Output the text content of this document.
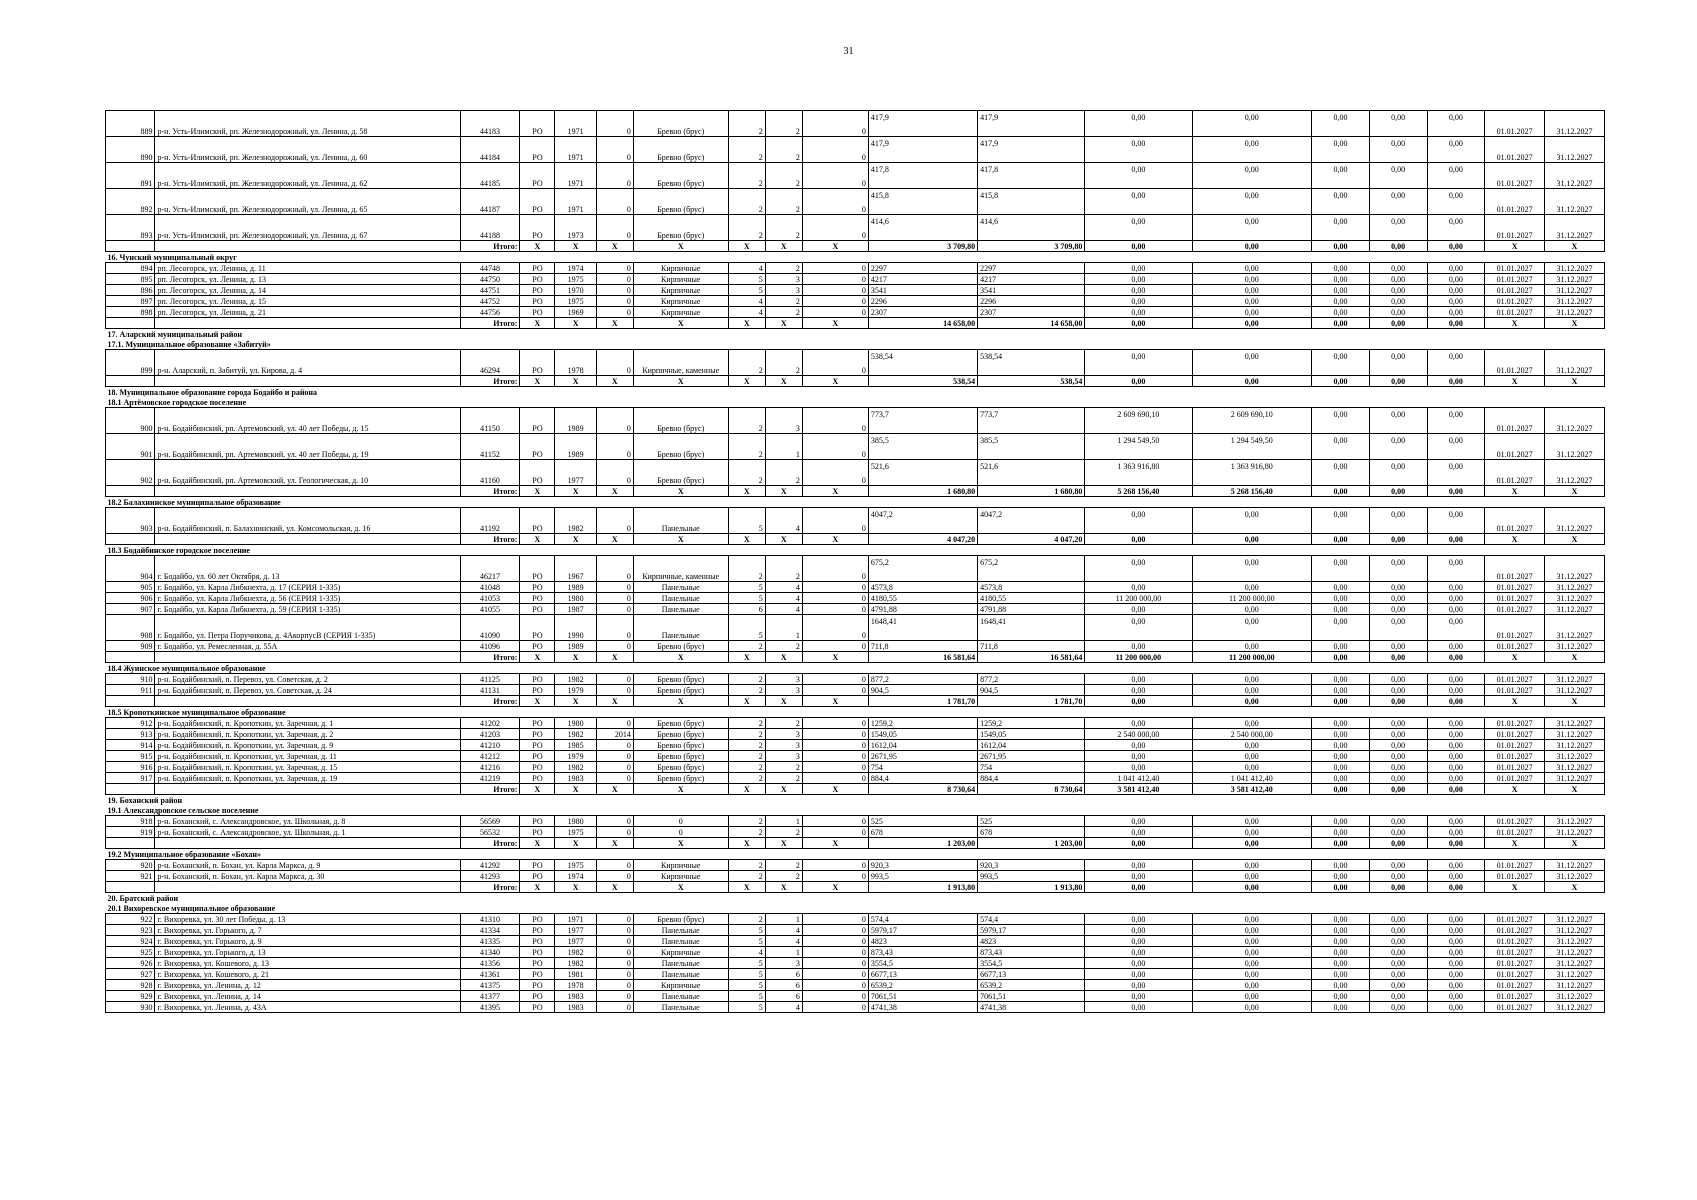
31
889	р-н. Усть-Илимский, рп. Железнодорожный, ул. Ленина, д. 58	44183	РО	1971	0	Бревно (брус)	2	2	0	417,9	417,9	0,00	0,00	0,00	0,00	0,00	01.01.2027	31.12.2027
890	р-н. Усть-Илимский, рп. Железнодорожный, ул. Ленина, д. 60	44184	РО	1971	0	Бревно (брус)	2	2	0	417,9	417,9	0,00	0,00	0,00	0,00	0,00	01.01.2027	31.12.2027
891	р-н. Усть-Илимский, рп. Железнодорожный, ул. Ленина, д. 62	44185	РО	1971	0	Бревно (брус)	2	2	0	417,8	417,8	0,00	0,00	0,00	0,00	0,00	01.01.2027	31.12.2027
892	р-н. Усть-Илимский, рп. Железнодорожный, ул. Ленина, д. 65	44187	РО	1971	0	Бревно (брус)	2	2	0	415,8	415,8	0,00	0,00	0,00	0,00	0,00	01.01.2027	31.12.2027
893	р-н. Усть-Илимский, рп. Железнодорожный, ул. Ленина, д. 67	44188	РО	1973	0	Бревно (брус)	2	2	0	414,6	414,6	0,00	0,00	0,00	0,00	0,00	01.01.2027	31.12.2027
		Итого:	Х	Х	Х	Х	Х	Х	Х	3 709,80	3 709,80	0,00	0,00	0,00	0,00	0,00	Х	Х
16. Чунский муниципальный округ																		
894	рп. Лесогорск, ул. Ленина, д. 11	44748	РО	1974	0	Кирпичные	4	2	0	2297	2297	0,00	0,00	0,00	0,00	0,00	01.01.2027	31.12.2027
895	рп. Лесогорск, ул. Ленина, д. 13	44750	РО	1975	0	Кирпичные	5	3	0	4217	4217	0,00	0,00	0,00	0,00	0,00	01.01.2027	31.12.2027
896	рп. Лесогорск, ул. Ленина, д. 14	44751	РО	1970	0	Кирпичные	5	3	0	3541	3541	0,00	0,00	0,00	0,00	0,00	01.01.2027	31.12.2027
897	рп. Лесогорск, ул. Ленина, д. 15	44752	РО	1975	0	Кирпичные	4	2	0	2296	2296	0,00	0,00	0,00	0,00	0,00	01.01.2027	31.12.2027
898	рп. Лесогорск, ул. Ленина, д. 21	44756	РО	1969	0	Кирпичные	4	2	0	2307	2307	0,00	0,00	0,00	0,00	0,00	01.01.2027	31.12.2027
		Итого:	Х	Х	Х	Х	Х	Х	Х	14 658,00	14 658,00	0,00	0,00	0,00	0,00	0,00	Х	Х
17. Аларский муниципальный район																		
17.1. Муниципальное образование «Забитуй»																		
899	р-н. Аларский, п. Забитуй, ул. Кирова, д. 4	46294	РО	1978	0	Кирпичные, каменные	2	2	0	538,54	538,54	0,00	0,00	0,00	0,00	0,00	01.01.2027	31.12.2027
		Итого:	Х	Х	Х	Х	Х	Х	Х	538,54	538,54	0,00	0,00	0,00	0,00	0,00	Х	Х
18. Муниципальное образование города Бодайбо и района																		
18.1 Артёмовское городское поселение																		
900	р-н. Бодайбинский, рп. Артемовский, ул. 40 лет Победы, д. 15	41150	РО	1989	0	Бревно (брус)	2	3	0	773,7	773,7	2 609 690,10	2 609 690,10	0,00	0,00	0,00	01.01.2027	31.12.2027
901	р-н. Бодайбинский, рп. Артемовский, ул. 40 лет Победы, д. 19	41152	РО	1989	0	Бревно (брус)	2	1	0	385,5	385,5	1 294 549,50	1 294 549,50	0,00	0,00	0,00	01.01.2027	31.12.2027
902	р-н. Бодайбинский, рп. Артемовский, ул. Геологическая, д. 10	41160	РО	1977	0	Бревно (брус)	2	2	0	521,6	521,6	1 363 916,80	1 363 916,80	0,00	0,00	0,00	01.01.2027	31.12.2027
		Итого:	Х	Х	Х	Х	Х	Х	Х	1 680,80	1 680,80	5 268 156,40	5 268 156,40	0,00	0,00	0,00	Х	Х
18.2 Балахнинское муниципальное образование																		
903	р-н. Бодайбинский, п. Балахнинский, ул. Комсомольская, д. 16	41192	РО	1982	0	Панельные	5	4	0	4047,2	4047,2	0,00	0,00	0,00	0,00	0,00	01.01.2027	31.12.2027
		Итого:	Х	Х	Х	Х	Х	Х	Х	4 047,20	4 047,20	0,00	0,00	0,00	0,00	0,00	Х	Х
18.3 Бодайбинское городское поселение																		
904	г. Бодайбо, ул. 60 лет Октября, д. 13	46217	РО	1967	0	Кирпичные, каменные	2	2	0	675,2	675,2	0,00	0,00	0,00	0,00	0,00	01.01.2027	31.12.2027
905	г. Бодайбо, ул. Карла Либкнехта, д. 17 (СЕРИЯ 1-335)	41048	РО	1989	0	Панельные	5	4	0	4573,8	4573,8	0,00	0,00	0,00	0,00	0,00	01.01.2027	31.12.2027
906	г. Бодайбо, ул. Карла Либкнехта, д. 56 (СЕРИЯ 1-335)	41053	РО	1980	0	Панельные	5	4	0	4180,55	4180,55	11 200 000,00	11 200 000,00	0,00	0,00	0,00	01.01.2027	31.12.2027
907	г. Бодайбо, ул. Карла Либкнехта, д. 59 (СЕРИЯ 1-335)	41055	РО	1987	0	Панельные	6	4	0	4791,88	4791,88	0,00	0,00	0,00	0,00	0,00	01.01.2027	31.12.2027
908	г. Бодайбо, ул. Петра Поручикова, д. 4АкорпусВ (СЕРИЯ 1-335)	41090	РО	1990	0	Панельные	5	1	0	1648,41	1648,41	0,00	0,00	0,00	0,00	0,00	01.01.2027	31.12.2027
909	г. Бодайбо, ул. Ремесленная, д. 55А	41096	РО	1989	0	Бревно (брус)	2	2	0	711,8	711,8	0,00	0,00	0,00	0,00	0,00	01.01.2027	31.12.2027
		Итого:	Х	Х	Х	Х	Х	Х	Х	16 581,64	16 581,64	11 200 000,00	11 200 000,00	0,00	0,00	0,00	Х	Х
18.4 Жуинское муниципальное образование																		
910	р-н. Бодайбинский, п. Перевоз, ул. Советская, д. 2	41125	РО	1982	0	Бревно (брус)	2	3	0	877,2	877,2	0,00	0,00	0,00	0,00	0,00	01.01.2027	31.12.2027
911	р-н. Бодайбинский, п. Перевоз, ул. Советская, д. 24	41131	РО	1979	0	Бревно (брус)	2	3	0	904,5	904,5	0,00	0,00	0,00	0,00	0,00	01.01.2027	31.12.2027
		Итого:	Х	Х	Х	Х	Х	Х	Х	1 781,70	1 781,70	0,00	0,00	0,00	0,00	0,00	Х	Х
18.5 Кропоткинское муниципальное образование																		
912	р-н. Бодайбинский, п. Кропоткин, ул. Заречная, д. 1	41202	РО	1980	0	Бревно (брус)	2	2	0	1259,2	1259,2	0,00	0,00	0,00	0,00	0,00	01.01.2027	31.12.2027
913	р-н. Бодайбинский, п. Кропоткин, ул. Заречная, д. 2	41203	РО	1982	2014	Бревно (брус)	2	3	0	1549,05	1549,05	2 540 000,00	2 540 000,00	0,00	0,00	0,00	01.01.2027	31.12.2027
914	р-н. Бодайбинский, п. Кропоткин, ул. Заречная, д. 9	41210	РО	1985	0	Бревно (брус)	2	3	0	1612,04	1612,04	0,00	0,00	0,00	0,00	0,00	01.01.2027	31.12.2027
915	р-н. Бодайбинский, п. Кропоткин, ул. Заречная, д. 11	41212	РО	1979	0	Бревно (брус)	2	3	0	2671,95	2671,95	0,00	0,00	0,00	0,00	0,00	01.01.2027	31.12.2027
916	р-н. Бодайбинский, п. Кропоткин, ул. Заречная, д. 15	41216	РО	1982	0	Бревно (брус)	2	2	0	754	754	0,00	0,00	0,00	0,00	0,00	01.01.2027	31.12.2027
917	р-н. Бодайбинский, п. Кропоткин, ул. Заречная, д. 19	41219	РО	1983	0	Бревно (брус)	2	2	0	884,4	884,4	1 041 412,40	1 041 412,40	0,00	0,00	0,00	01.01.2027	31.12.2027
		Итого:	Х	Х	Х	Х	Х	Х	Х	8 730,64	8 730,64	3 581 412,40	3 581 412,40	0,00	0,00	0,00	Х	Х
19. Боханский район																		
19.1 Александровское сельское поселение																		
918	р-н. Боханский, с. Александровское, ул. Школьная, д. 8	56569	РО	1980	0	0	2	1	0	525	525	0,00	0,00	0,00	0,00	0,00	01.01.2027	31.12.2027
919	р-н. Боханский, с. Александровское, ул. Школьная, д. 1	56532	РО	1975	0	0	2	2	0	678	678	0,00	0,00	0,00	0,00	0,00	01.01.2027	31.12.2027
		Итого:	Х	Х	Х	Х	Х	Х	Х	1 203,00	1 203,00	0,00	0,00	0,00	0,00	0,00	Х	Х
19.2 Муниципальное образование «Бохан»																		
920	р-н. Боханский, п. Бохан, ул. Карла Маркса, д. 9	41292	РО	1975	0	Кирпичные	2	2	0	920,3	920,3	0,00	0,00	0,00	0,00	0,00	01.01.2027	31.12.2027
921	р-н. Боханский, п. Бохан, ул. Карла Маркса, д. 30	41293	РО	1974	0	Кирпичные	2	2	0	993,5	993,5	0,00	0,00	0,00	0,00	0,00	01.01.2027	31.12.2027
		Итого:	Х	Х	Х	Х	Х	Х	Х	1 913,80	1 913,80	0,00	0,00	0,00	0,00	0,00	Х	Х
20. Братский район																		
20.1 Вихоревское муниципальное образование																		
922	г. Вихоревка, ул. 30 лет Победы, д. 13	41310	РО	1971	0	Бревно (брус)	2	1	0	574,4	574,4	0,00	0,00	0,00	0,00	0,00	01.01.2027	31.12.2027
923	г. Вихоревка, ул. Горького, д. 7	41334	РО	1977	0	Панельные	5	4	0	5979,17	5979,17	0,00	0,00	0,00	0,00	0,00	01.01.2027	31.12.2027
924	г. Вихоревка, ул. Горького, д. 9	41335	РО	1977	0	Панельные	5	4	0	4823	4823	0,00	0,00	0,00	0,00	0,00	01.01.2027	31.12.2027
925	г. Вихоревка, ул. Горького, д. 13	41340	РО	1982	0	Кирпичные	4	1	0	873,43	873,43	0,00	0,00	0,00	0,00	0,00	01.01.2027	31.12.2027
926	г. Вихоревка, ул. Кошевого, д. 13	41356	РО	1982	0	Панельные	5	3	0	3554,5	3554,5	0,00	0,00	0,00	0,00	0,00	01.01.2027	31.12.2027
927	г. Вихоревка, ул. Кошевого, д. 21	41361	РО	1981	0	Панельные	5	6	0	6677,13	6677,13	0,00	0,00	0,00	0,00	0,00	01.01.2027	31.12.2027
928	г. Вихоревка, ул. Ленина, д. 12	41375	РО	1978	0	Кирпичные	5	6	0	6539,2	6539,2	0,00	0,00	0,00	0,00	0,00	01.01.2027	31.12.2027
929	г. Вихоревка, ул. Ленина, д. 14	41377	РО	1983	0	Панельные	5	6	0	7061,51	7061,51	0,00	0,00	0,00	0,00	0,00	01.01.2027	31.12.2027
930	г. Вихоревка, ул. Ленина, д. 43А	41395	РО	1983	0	Панельные	5	4	0	4741,38	4741,38	0,00	0,00	0,00	0,00	0,00	01.01.2027	31.12.2027
